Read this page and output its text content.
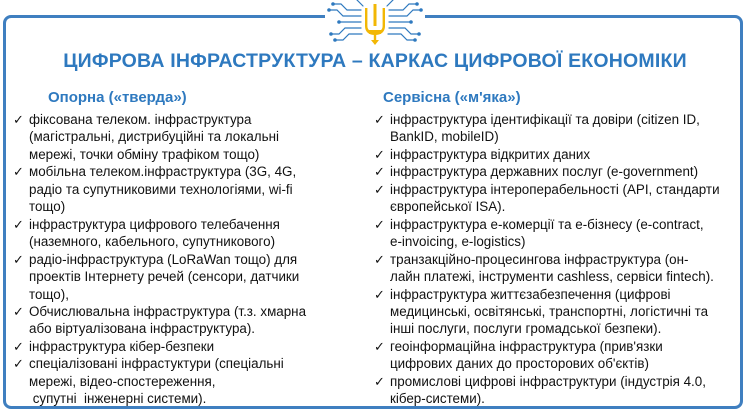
ЦИФРОВА ІНФРАСТРУКТУРА – КАРКАС ЦИФРОВОЇ ЕКОНОМІКИ
Опорна («тверда»)	Сервісна («м'яка»)
✓ фіксована телеком. інфраструктура
(магістральні, дистрибуційні та локальні
мережі, точки обміну трафіком тощо)
✓ мобільна телеком.інфраструктура (3G, 4G,
радіо та супутниковими технологіями, wi-fi
тощо)
✓ інфраструктура цифрового телебачення
(наземного, кабельного, супутникового)
✓ радіо-інфраструктура (LoRaWan тощо) для
проектів Інтернету речей (сенсори, датчики
тощо),
✓ Обчислювальна інфраструктура (т.з. хмарна
або віртуалізована інфраструктура).
✓ інфраструктура кібер-безпеки
✓ спеціалізовані інфрастуктури (спеціальні
мережі, відео-спостереження,
супутні  інженерні системи).
✓ інфраструктура ідентифікації та довіри (citizen ID,
BankID, mobileID)
✓ інфраструктура відкритих даних
✓ інфраструктура державних послуг (e-government)
✓ інфраструктура інтероперабельності (API, стандарти
європейської ISA).
✓ інфраструктура е-комерції та е-бізнесу (e-contract,
e-invoicing, e-logistics)
✓ транзакційно-процесингова інфраструктура (он-
лайн платежі, інструменти cashless, сервіси fintech).
✓ інфраструктура життєзабезпечення (цифрові
медицинські, освітянські, транспортні, логістичні та
інші послуги, послуги громадської безпеки).
✓ геоінформаційна інфраструктура (прив'язки
цифрових даних до просторових об'єктів)
✓ промислові цифрові інфраструктури (індустрія 4.0,
кібер-системи).
